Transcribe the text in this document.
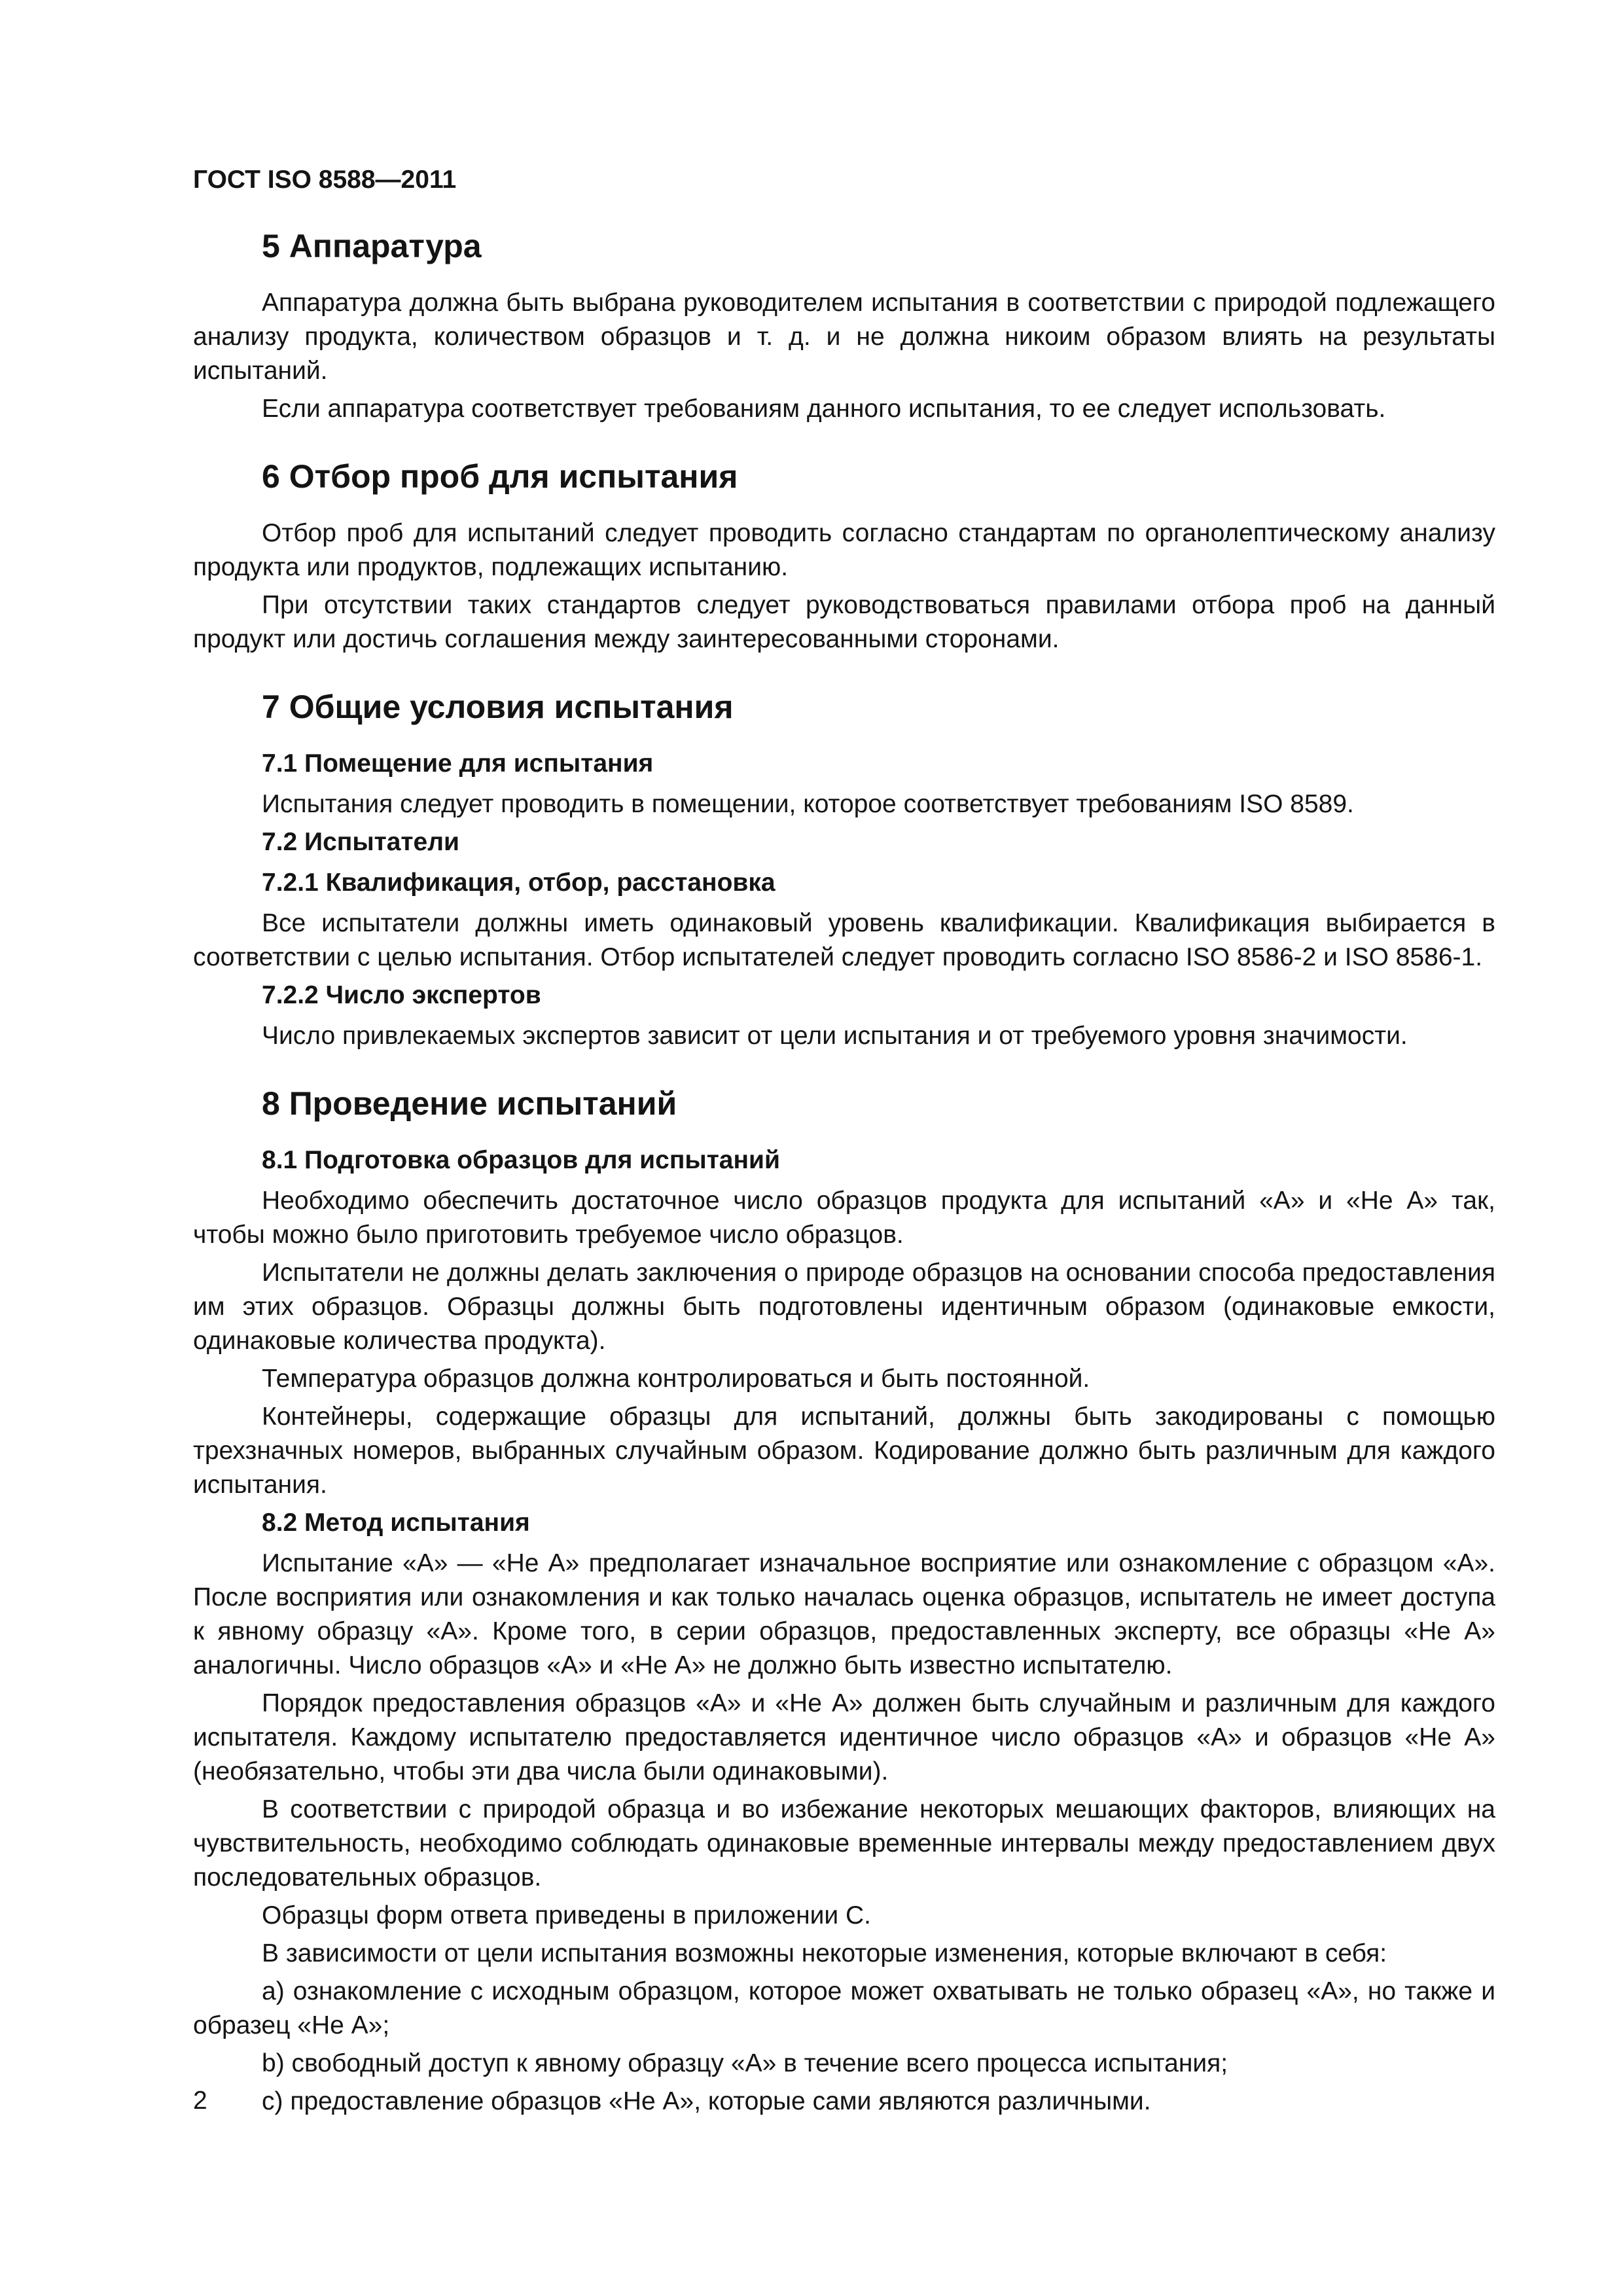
ГОСТ ISO 8588—2011
5 Аппаратура

Аппаратура должна быть выбрана руководителем испытания в соответствии с природой подлежащего анализу продукта, количеством образцов и т. д. и не должна никоим образом влиять на результаты испытаний.

Если аппаратура соответствует требованиям данного испытания, то ее следует использовать.

6 Отбор проб для испытания

Отбор проб для испытаний следует проводить согласно стандартам по органолептическому анализу продукта или продуктов, подлежащих испытанию.

При отсутствии таких стандартов следует руководствоваться правилами отбора проб на данный продукт или достичь соглашения между заинтересованными сторонами.

7 Общие условия испытания
7.1 Помещение для испытания

Испытания следует проводить в помещении, которое соответствует требованиям ISO 8589.

7.2 Испытатели
7.2.1 Квалификация, отбор, расстановка

Все испытатели должны иметь одинаковый уровень квалификации. Квалификация выбирается в соответствии с целью испытания. Отбор испытателей следует проводить согласно ISO 8586-2 и ISO 8586-1.

7.2.2 Число экспертов

Число привлекаемых экспертов зависит от цели испытания и от требуемого уровня значимости.

8 Проведение испытаний
8.1 Подготовка образцов для испытаний

Необходимо обеспечить достаточное число образцов продукта для испытаний «А» и «Не А» так, чтобы можно было приготовить требуемое число образцов.

Испытатели не должны делать заключения о природе образцов на основании способа предоставления им этих образцов. Образцы должны быть подготовлены идентичным образом (одинаковые емкости, одинаковые количества продукта).

Температура образцов должна контролироваться и быть постоянной.

Контейнеры, содержащие образцы для испытаний, должны быть закодированы с помощью трехзначных номеров, выбранных случайным образом. Кодирование должно быть различным для каждого испытания.

8.2 Метод испытания

Испытание «А» — «Не А» предполагает изначальное восприятие или ознакомление с образцом «А». После восприятия или ознакомления и как только началась оценка образцов, испытатель не имеет доступа к явному образцу «А». Кроме того, в серии образцов, предоставленных эксперту, все образцы «Не А» аналогичны. Число образцов «А» и «Не А» не должно быть известно испытателю.

Порядок предоставления образцов «А» и «Не А» должен быть случайным и различным для каждого испытателя. Каждому испытателю предоставляется идентичное число образцов «А» и образцов «Не А» (необязательно, чтобы эти два числа были одинаковыми).

В соответствии с природой образца и во избежание некоторых мешающих факторов, влияющих на чувствительность, необходимо соблюдать одинаковые временные интервалы между предоставлением двух последовательных образцов.

Образцы форм ответа приведены в приложении С.

В зависимости от цели испытания возможны некоторые изменения, которые включают в себя:

a) ознакомление с исходным образцом, которое может охватывать не только образец «А», но также и образец «Не А»;

b) свободный доступ к явному образцу «А» в течение всего процесса испытания;

c) предоставление образцов «Не А», которые сами являются различными.

2
